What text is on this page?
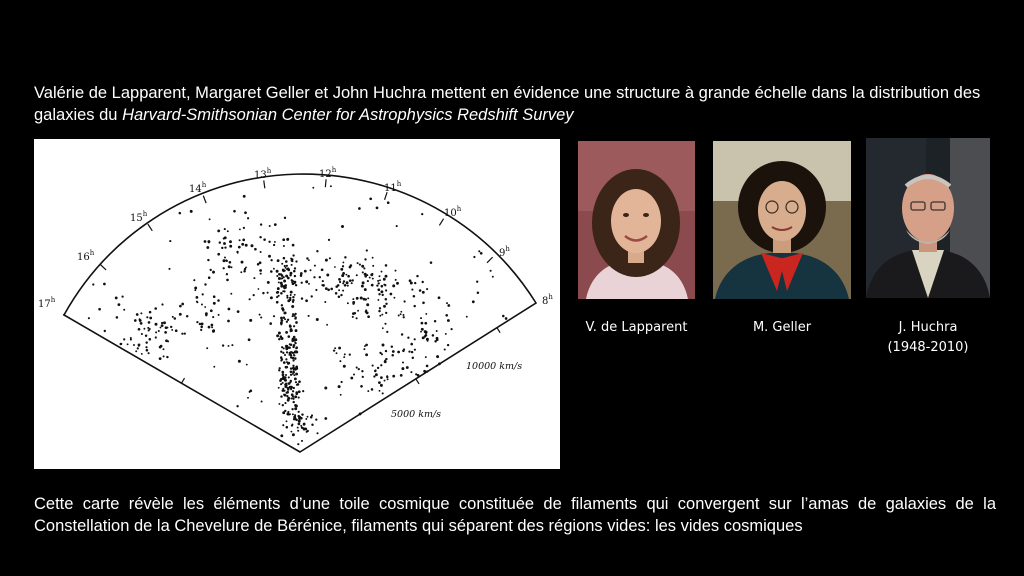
Valérie de Lapparent, Margaret Geller et John Huchra mettent en évidence une structure à grande échelle dans la distribution des galaxies du Harvard-Smithsonian Center for Astrophysics Redshift Survey

17$^h$
16$^h$
15$^h$
14$^h$
13$^h$	12$^h$
11$^h$
10$^h$
9$^h$
8$^h$
10000 km/s
5000 km/s
V. de Lapparent	M. Geller	J. Huchra
(1948-2010)

Cette carte révèle les éléments d’une toile cosmique constituée de filaments qui convergent sur l’amas de galaxies de la Constellation de la Chevelure de Bérénice, filaments qui séparent des régions vides: les vides cosmiques
